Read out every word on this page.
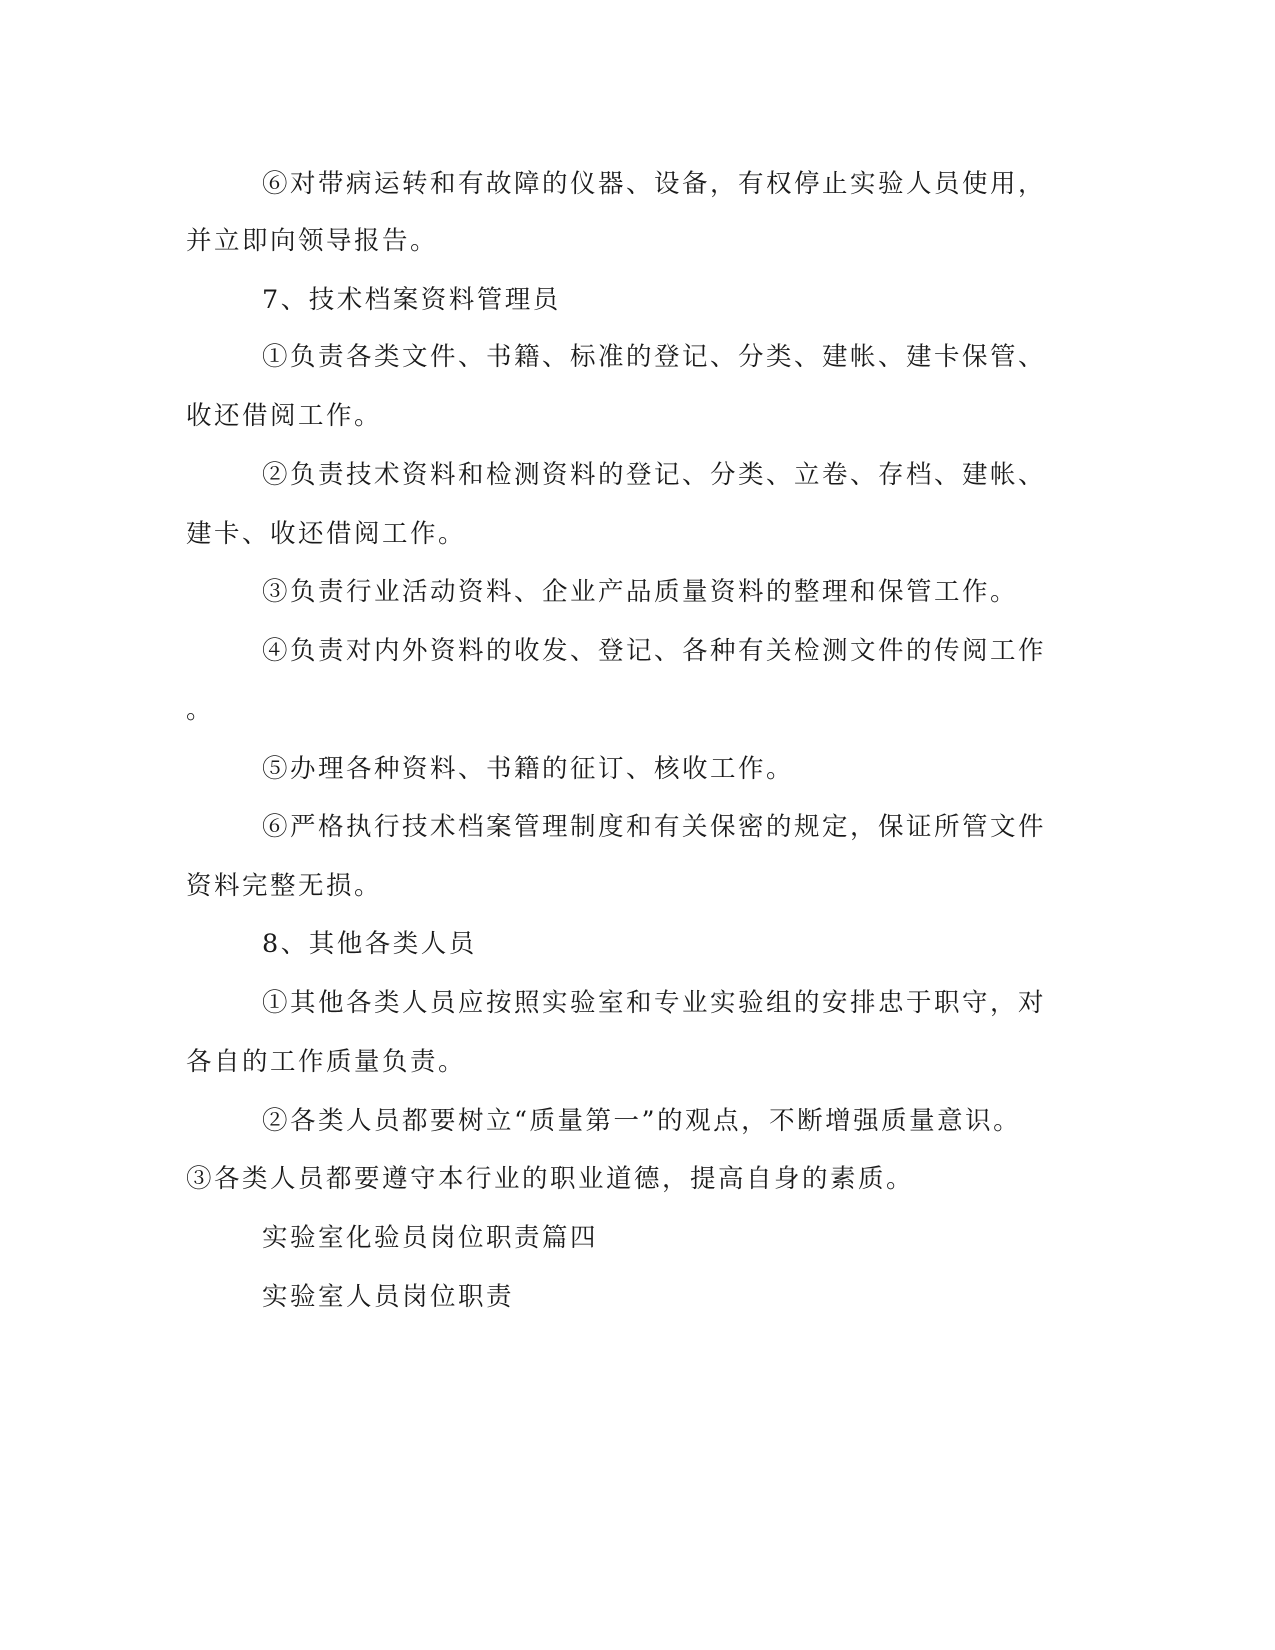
⑥对带病运转和有故障的仪器、设备，有权停止实验人员使用，
并立即向领导报告。
7、技术档案资料管理员
①负责各类文件、书籍、标准的登记、分类、建帐、建卡保管、
收还借阅工作。
②负责技术资料和检测资料的登记、分类、立卷、存档、建帐、
建卡、收还借阅工作。
③负责行业活动资料、企业产品质量资料的整理和保管工作。
④负责对内外资料的收发、登记、各种有关检测文件的传阅工作
。
⑤办理各种资料、书籍的征订、核收工作。
⑥严格执行技术档案管理制度和有关保密的规定，保证所管文件
资料完整无损。
8、其他各类人员
①其他各类人员应按照实验室和专业实验组的安排忠于职守，对
各自的工作质量负责。
②各类人员都要树立“质量第一”的观点，不断增强质量意识。
③各类人员都要遵守本行业的职业道德，提高自身的素质。
实验室化验员岗位职责篇四
实验室人员岗位职责
